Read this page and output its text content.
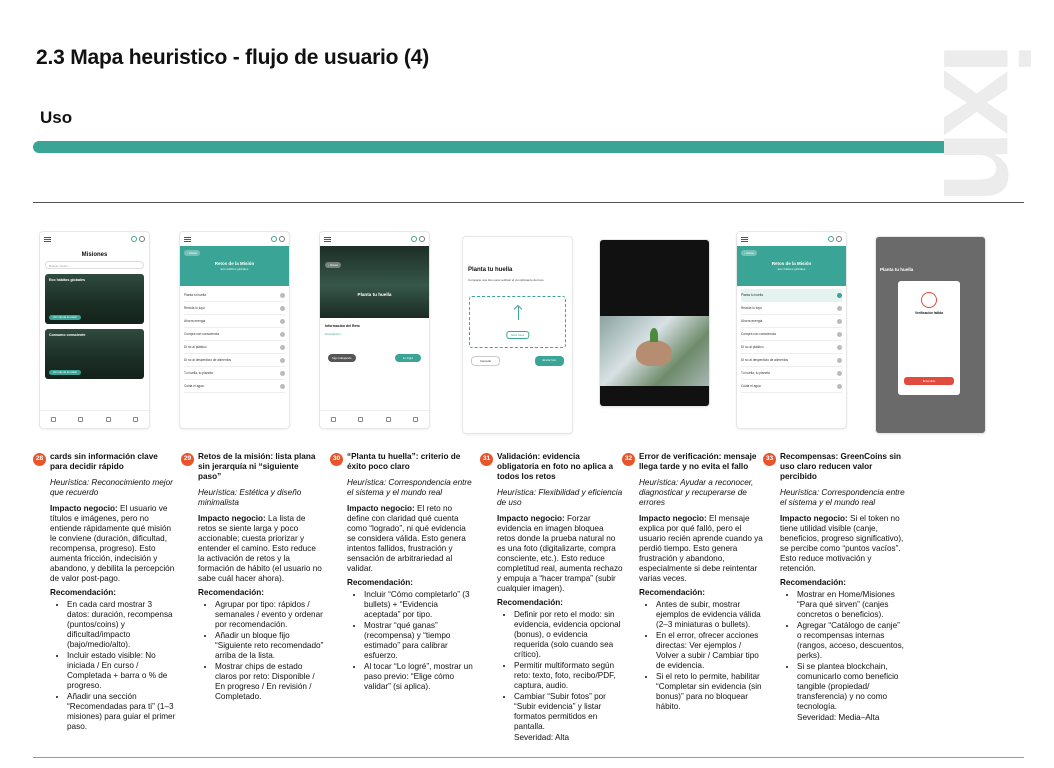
2.3 Mapa heuristico - flujo de usuario (4)
Uso	ixn
Misiones
Buscar misión...
Eco hábitos globales
Ver más de la misión
Consumo consciente
Ver más de la misión
‹ Volver
Retos de la Misión
Eco hábitos globales
Planta tu huella
Recicla lo tuyo
Ahorra energía
Compra con consciencia
Di no al plástico
Di no al desperdicio de alimentos
Tu huella, tu planeta
Cuida el agua
‹ Volver
Planta tu huella
Información del Reto
Descripción
Sigo trabajando	Lo logré
Planta tu huella
Comparte una foto para verificar el cumplimiento del reto
Subir fotos
Cancelar	Enviar foto
‹ Volver
Retos de la Misión
Eco hábitos globales
Planta tu huella
Recicla lo tuyo
Ahorra energía
Compra con consciencia
Di no al plástico
Di no al desperdicio de alimentos
Tu huella, tu planeta
Cuida el agua
Planta tu huella
Verificación fallida
Entendido
28 cards sin información clave para decidir rápido
Heurística: Reconocimiento mejor que recuerdo
Impacto negocio: El usuario ve títulos e imágenes, pero no entiende rápidamente qué misión le conviene (duración, dificultad, recompensa, progreso). Esto aumenta fricción, indecisión y abandono, y debilita la percepción de valor post-pago.
Recomendación:
• En cada card mostrar 3 datos: duración, recompensa (puntos/coins) y dificultad/impacto (bajo/medio/alto).
• Incluir estado visible: No iniciada / En curso / Completada + barra o % de progreso.
• Añadir una sección “Recomendadas para ti” (1–3 misiones) para guiar el primer paso.
29 Retos de la misión: lista plana sin jerarquía ni “siguiente paso”
Heurística: Estética y diseño minimalista
Impacto negocio: La lista de retos se siente larga y poco accionable; cuesta priorizar y entender el camino. Esto reduce la activación de retos y la formación de hábito (el usuario no sabe cuál hacer ahora).
Recomendación:
• Agrupar por tipo: rápidos / semanales / evento y ordenar por recomendación.
• Añadir un bloque fijo “Siguiente reto recomendado” arriba de la lista.
• Mostrar chips de estado claros por reto: Disponible / En progreso / En revisión / Completado.
30 “Planta tu huella”: criterio de éxito poco claro
Heurística: Correspondencia entre el sistema y el mundo real
Impacto negocio: El reto no define con claridad qué cuenta como “logrado”, ni qué evidencia se considera válida. Esto genera intentos fallidos, frustración y sensación de arbitrariedad al validar.
Recomendación:
• Incluir “Cómo completarlo” (3 bullets) + “Evidencia aceptada” por tipo.
• Mostrar “qué ganas” (recompensa) y “tiempo estimado” para calibrar esfuerzo.
• Al tocar “Lo logré”, mostrar un paso previo: “Elige cómo validar” (si aplica).
31 Validación: evidencia obligatoria en foto no aplica a todos los retos
Heurística: Flexibilidad y eficiencia de uso
Impacto negocio: Forzar evidencia en imagen bloquea retos donde la prueba natural no es una foto (digitalizarte, compra consciente, etc.). Esto reduce completitud real, aumenta rechazo y empuja a “hacer trampa” (subir cualquier imagen).
Recomendación:
• Definir por reto el modo: sin evidencia, evidencia opcional (bonus), o evidencia requerida (solo cuando sea crítico).
• Permitir multiformato según reto: texto, foto, recibo/PDF, captura, audio.
• Cambiar “Subir fotos” por “Subir evidencia” y listar formatos permitidos en pantalla.
Severidad: Alta
32 Error de verificación: mensaje llega tarde y no evita el fallo
Heurística: Ayudar a reconocer, diagnosticar y recuperarse de errores
Impacto negocio: El mensaje explica por qué falló, pero el usuario recién aprende cuando ya perdió tiempo. Esto genera frustración y abandono, especialmente si debe reintentar varias veces.
Recomendación:
• Antes de subir, mostrar ejemplos de evidencia válida (2–3 miniaturas o bullets).
• En el error, ofrecer acciones directas: Ver ejemplos / Volver a subir / Cambiar tipo de evidencia.
• Si el reto lo permite, habilitar “Completar sin evidencia (sin bonus)” para no bloquear hábito.
33 Recompensas: GreenCoins sin uso claro reducen valor percibido
Heurística: Correspondencia entre el sistema y el mundo real
Impacto negocio: Si el token no tiene utilidad visible (canje, beneficios, progreso significativo), se percibe como “puntos vacíos”. Esto reduce motivación y retención.
Recomendación:
• Mostrar en Home/Misiones “Para qué sirven” (canjes concretos o beneficios).
• Agregar “Catálogo de canje” o recompensas internas (rangos, acceso, descuentos, perks).
• Si se plantea blockchain, comunicarlo como beneficio tangible (propiedad/ transferencia) y no como tecnología.
Severidad: Media–Alta
